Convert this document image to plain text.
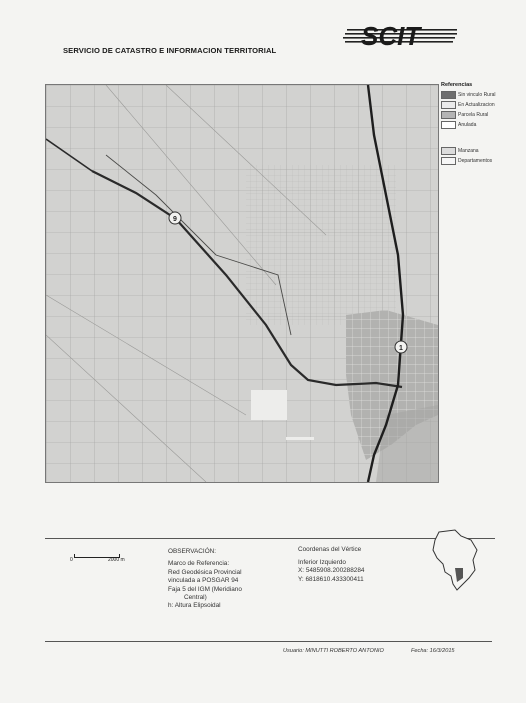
SCIT
SERVICIO DE CATASTRO E INFORMACION TERRITORIAL
9
1
Referencias
Sin vinculo Rural
En Actualizacion
Parcela Rural
Anulada
Manzana
Departamentos
0	2000 m
OBSERVACIÓN:
Marco de Referencia:
Red Geodésica Provincial
vinculada a POSGAR 94
Faja 5 del IGM (Meridiano
Central)
h: Altura Elipsoidal
Coordenas del Vértice
Inferior Izquierdo
X: 5485908.200288284
Y: 6818610.433300411
Usuario: MINUTTI ROBERTO ANTONIO	Fecha: 16/3/2015
